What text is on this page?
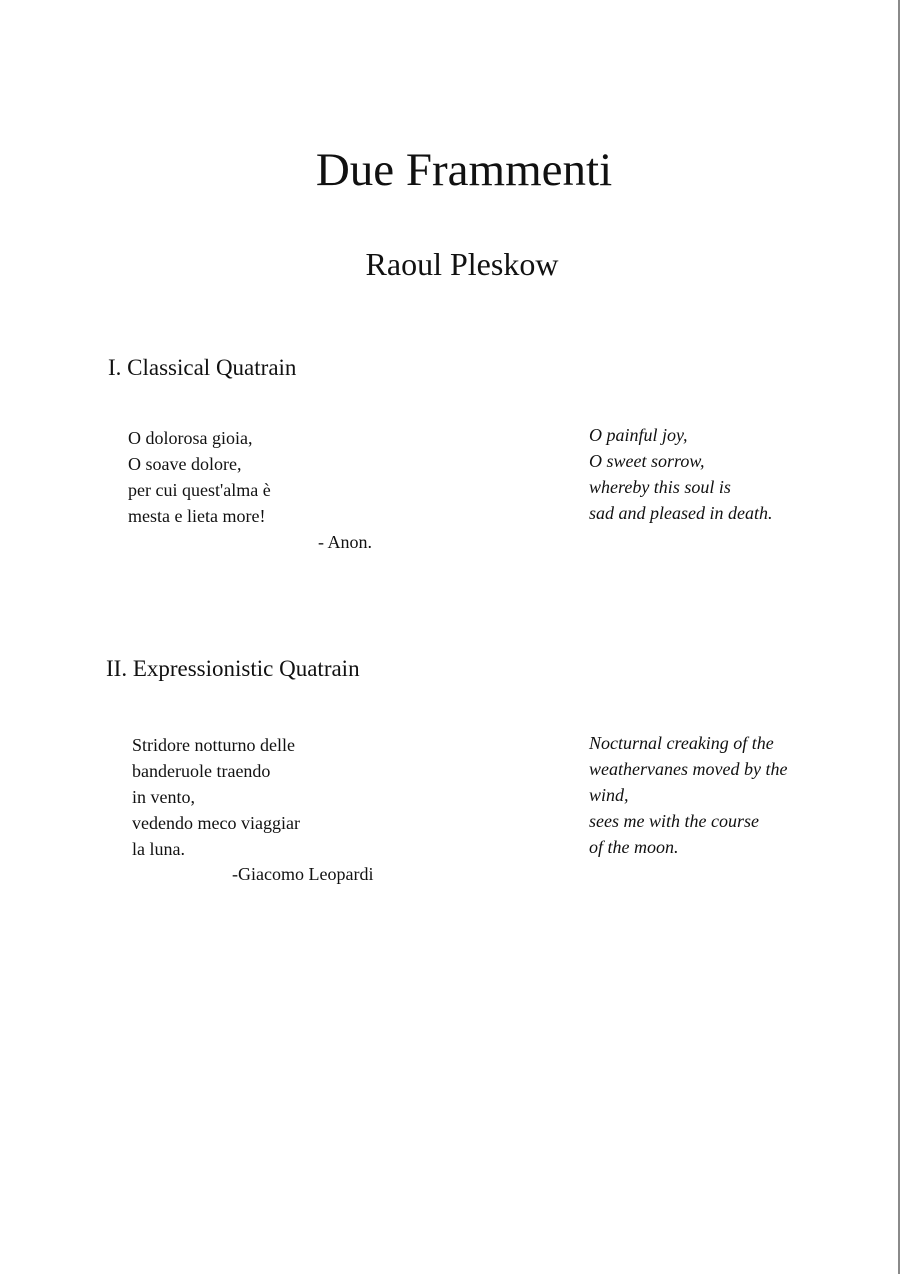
Due Frammenti
Raoul Pleskow
I. Classical Quatrain
O dolorosa gioia,
O soave dolore,
per cui quest'alma è
mesta e lieta more!
- Anon.
O painful joy,
O sweet sorrow,
whereby this soul is
sad and pleased in death.
II. Expressionistic Quatrain
Stridore notturno delle
banderuole traendo
in vento,
vedendo meco viaggiar
la luna.
-Giacomo Leopardi
Nocturnal creaking of the
weathervanes moved by the
wind,
sees me with the course
of the moon.
